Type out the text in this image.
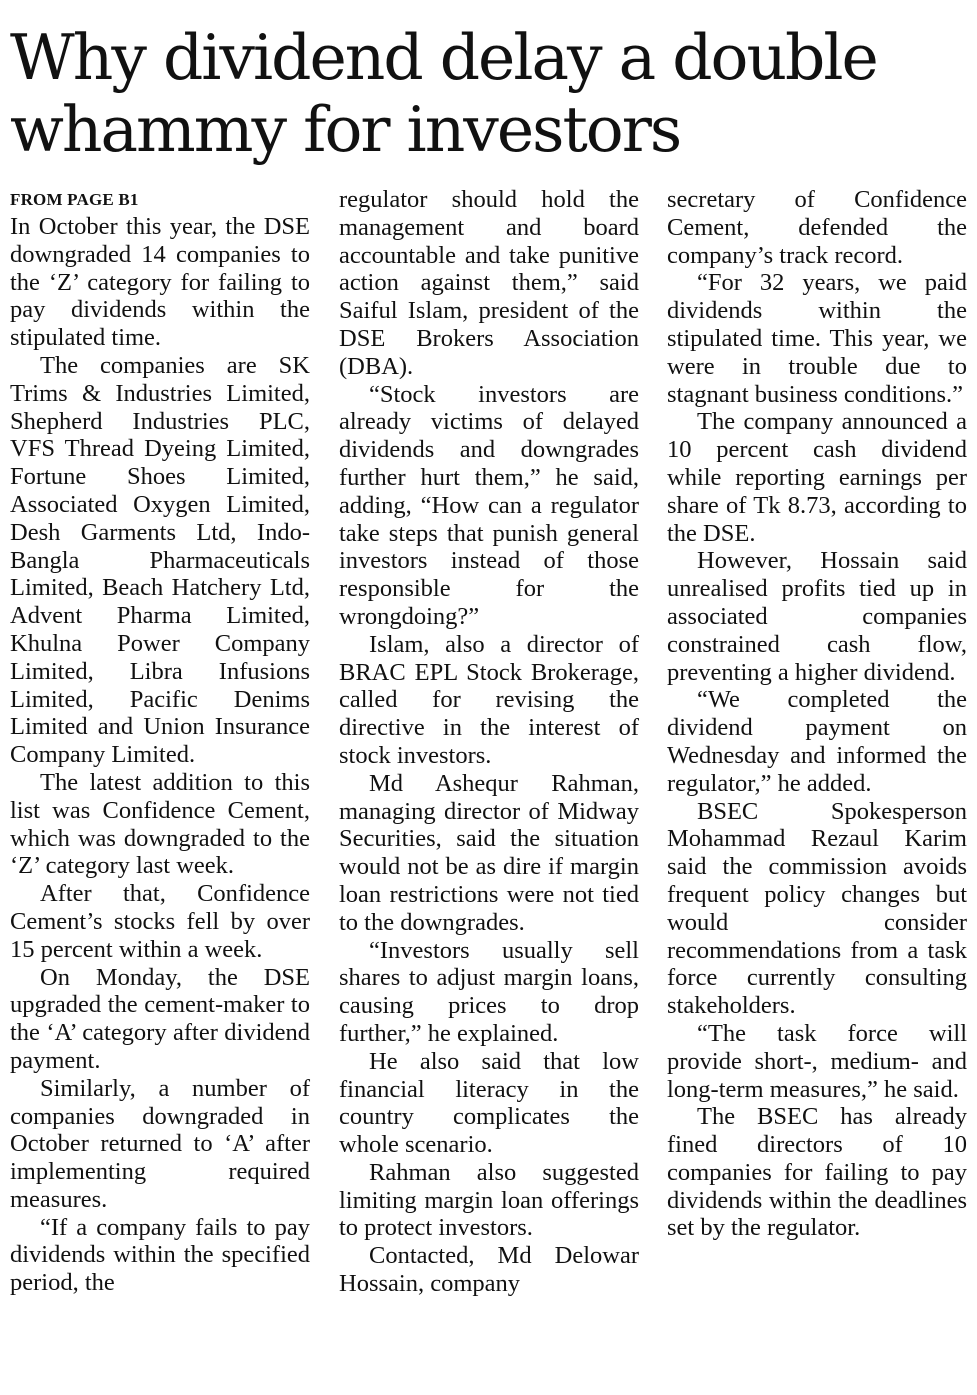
Why dividend delay a double
whammy for investors
FROM PAGE B1

In October this year, the DSE downgraded 14 companies to the ‘Z’ category for failing to pay dividends within the stipulated time.

The companies are SK Trims & Industries Limited, Shepherd Industries PLC, VFS Thread Dyeing Limited, Fortune Shoes Limited, Associated Oxygen Limited, Desh Garments Ltd, Indo-Bangla Pharmaceuticals Limited, Beach Hatchery Ltd, Advent Pharma Limited, Khulna Power Company Limited, Libra Infusions Limited, Pacific Denims Limited and Union Insurance Company Limited.

The latest addition to this list was Confidence Cement, which was downgraded to the ‘Z’ category last week.

After that, Confidence Cement’s stocks fell by over 15 percent within a week.

On Monday, the DSE upgraded the cement-maker to the ‘A’ category after dividend payment.

Similarly, a number of companies downgraded in October returned to ‘A’ after implementing required measures.

“If a company fails to pay dividends within the specified period, the

regulator should hold the management and board accountable and take punitive action against them,” said Saiful Islam, president of the DSE Brokers Association (DBA).

“Stock investors are already victims of delayed dividends and downgrades further hurt them,” he said, adding, “How can a regulator take steps that punish general investors instead of those responsible for the wrongdoing?”

Islam, also a director of BRAC EPL Stock Brokerage, called for revising the directive in the interest of stock investors.

Md Ashequr Rahman, managing director of Midway Securities, said the situation would not be as dire if margin loan restrictions were not tied to the downgrades.

“Investors usually sell shares to adjust margin loans, causing prices to drop further,” he explained.

He also said that low financial literacy in the country complicates the whole scenario.

Rahman also suggested limiting margin loan offerings to protect investors.

Contacted, Md Delowar Hossain, company

secretary of Confidence Cement, defended the company’s track record.

“For 32 years, we paid dividends within the stipulated time. This year, we were in trouble due to stagnant business conditions.”

The company announced a 10 percent cash dividend while reporting earnings per share of Tk 8.73, according to the DSE.

However, Hossain said unrealised profits tied up in associated companies constrained cash flow, preventing a higher dividend.

“We completed the dividend payment on Wednesday and informed the regulator,” he added.

BSEC Spokesperson Mohammad Rezaul Karim said the commission avoids frequent policy changes but would consider recommendations from a task force currently consulting stakeholders.

“The task force will provide short-, medium- and long-term measures,” he said.

The BSEC has already fined directors of 10 companies for failing to pay dividends within the deadlines set by the regulator.
